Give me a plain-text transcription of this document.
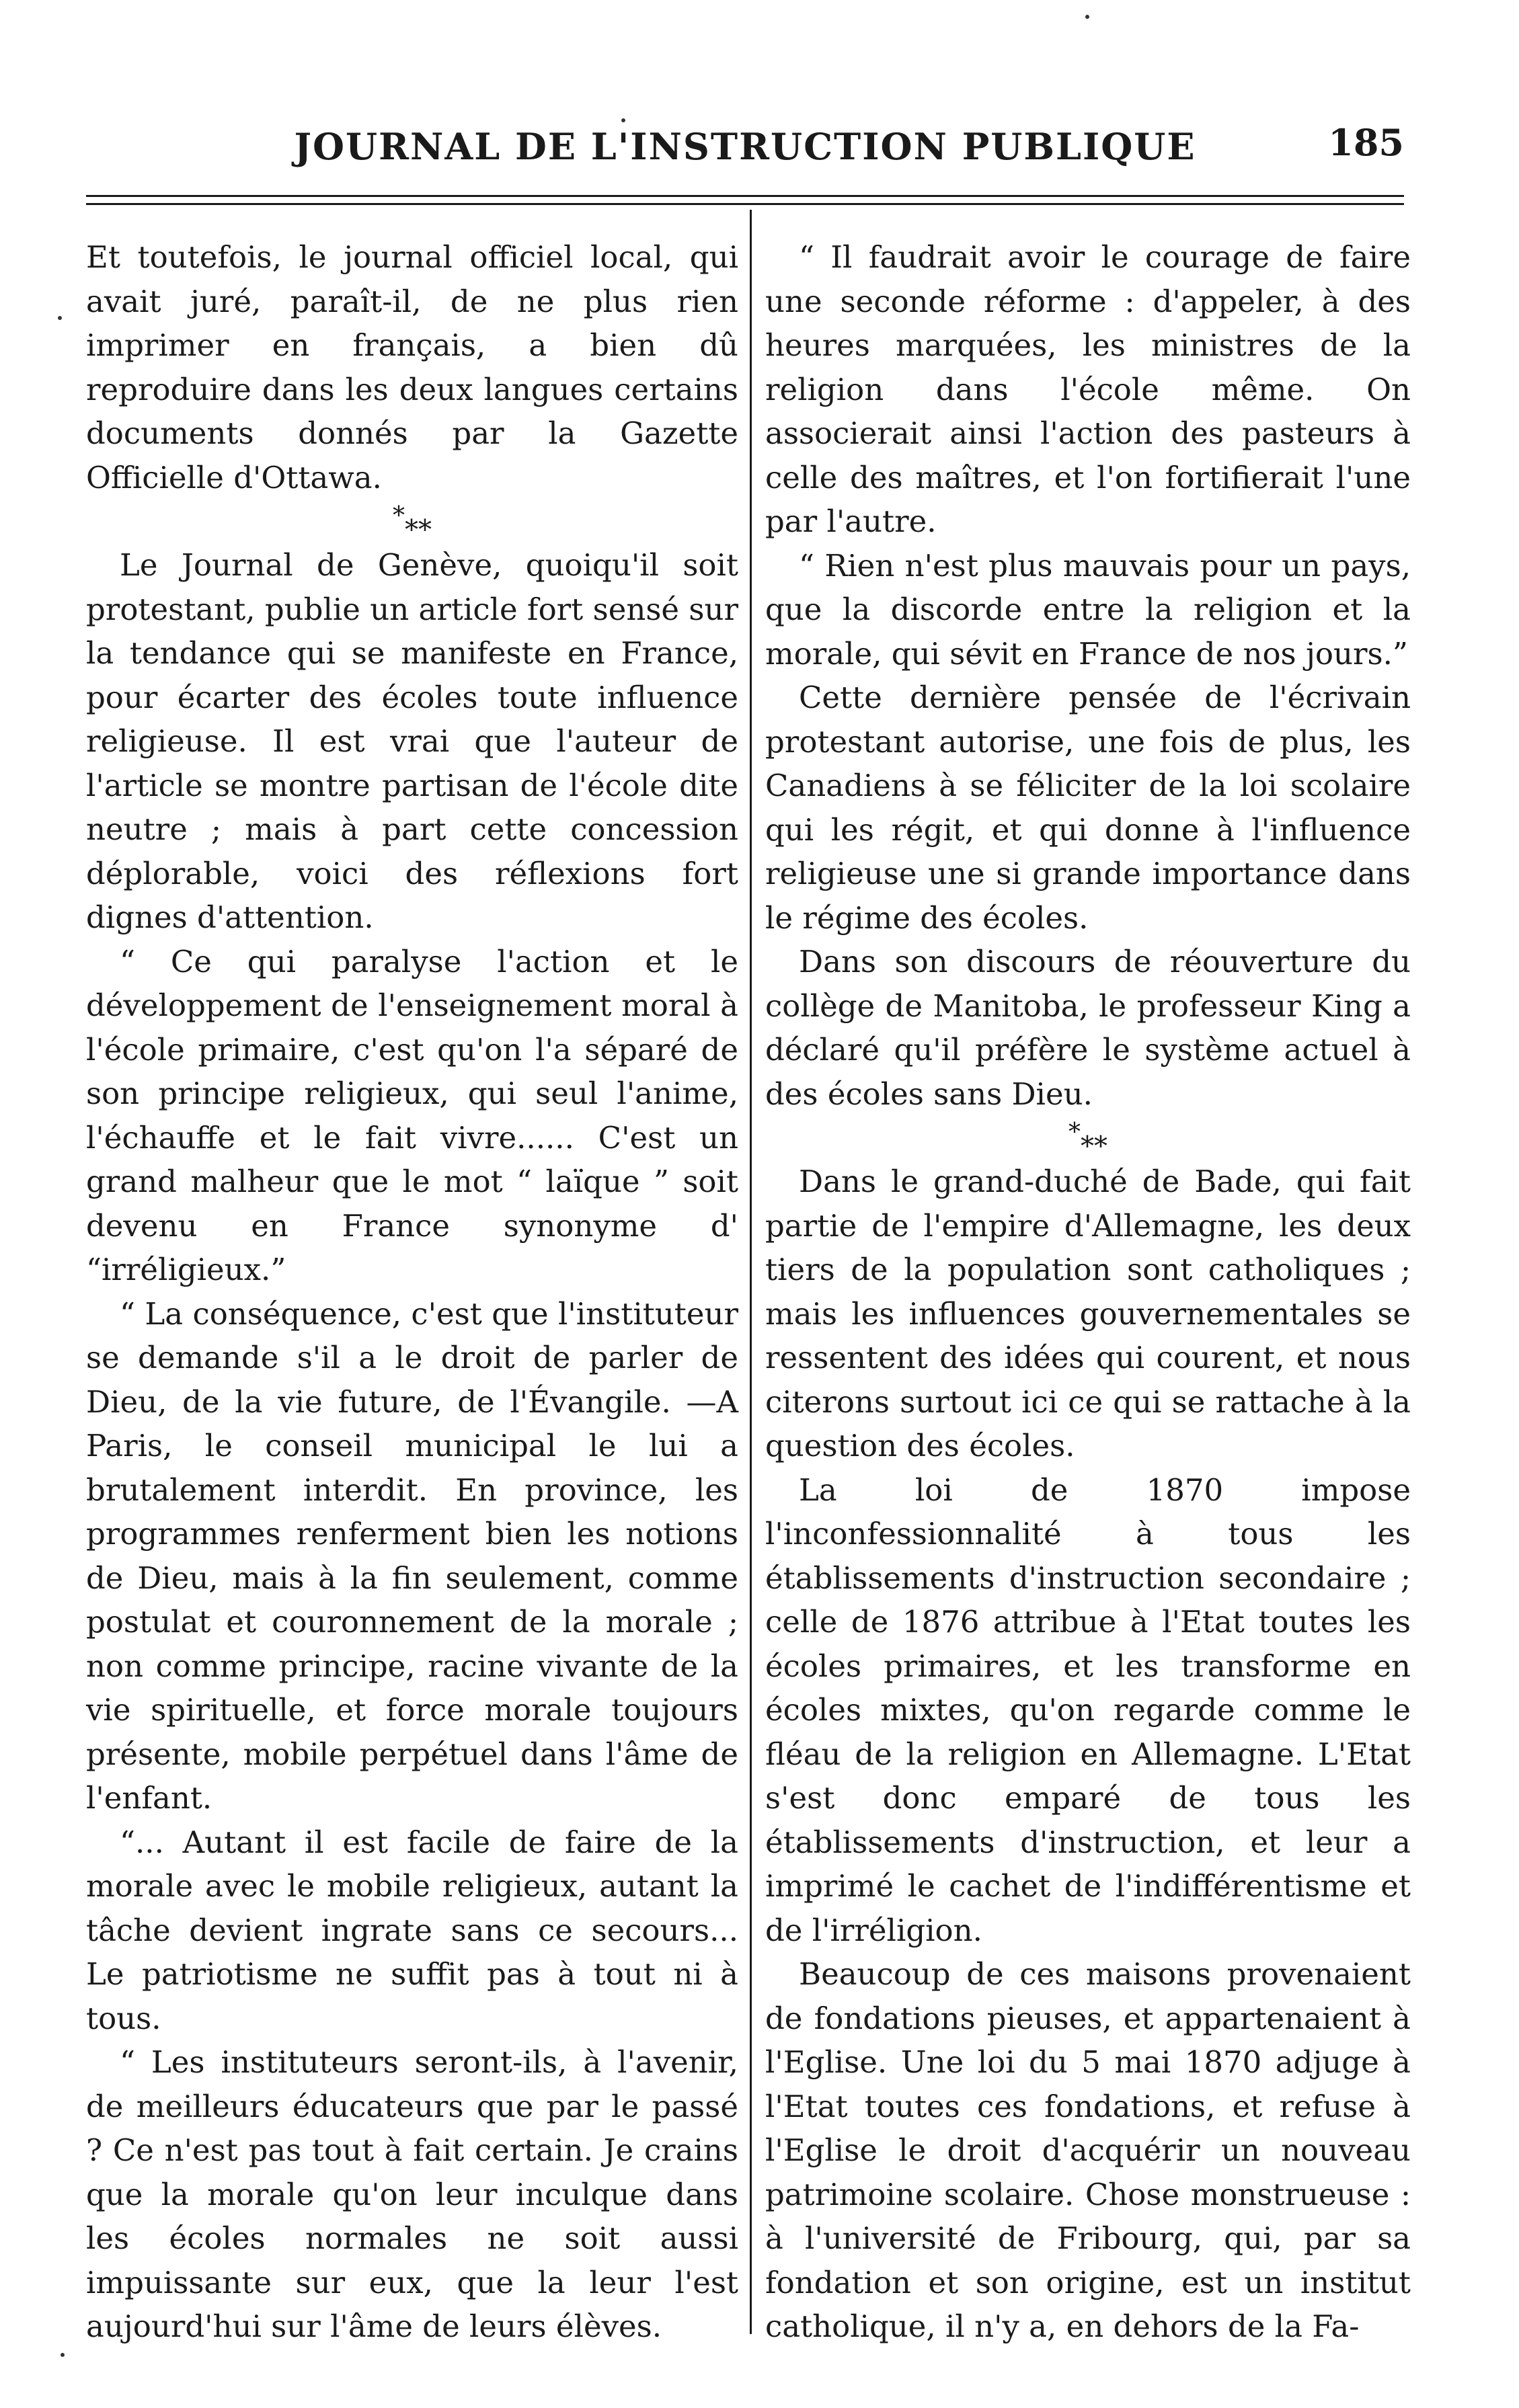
JOURNAL DE L'INSTRUCTION PUBLIQUE	185

Et toutefois, le journal officiel local, qui avait juré, paraît-il, de ne plus rien imprimer en français, a bien dû reproduire dans les deux langues certains documents donnés par la Gazette Officielle d'Ottawa.

***

Le Journal de Genève, quoiqu'il soit protestant, publie un article fort sensé sur la tendance qui se manifeste en France, pour écarter des écoles toute influence religieuse. Il est vrai que l'auteur de l'article se montre partisan de l'école dite neutre ; mais à part cette concession déplorable, voici des réflexions fort dignes d'attention.

“ Ce qui paralyse l'action et le développement de l'enseignement moral à l'école primaire, c'est qu'on l'a séparé de son principe religieux, qui seul l'anime, l'échauffe et le fait vivre...... C'est un grand malheur que le mot “ laïque ” soit devenu en France synonyme d' “irréligieux.”

“ La conséquence, c'est que l'instituteur se demande s'il a le droit de parler de Dieu, de la vie future, de l'Évangile. —A Paris, le conseil municipal le lui a brutalement interdit. En province, les programmes renferment bien les notions de Dieu, mais à la fin seulement, comme postulat et couronnement de la morale ; non comme principe, racine vivante de la vie spirituelle, et force morale toujours présente, mobile perpétuel dans l'âme de l'enfant.

“... Autant il est facile de faire de la morale avec le mobile religieux, autant la tâche devient ingrate sans ce secours... Le patriotisme ne suffit pas à tout ni à tous.

“ Les instituteurs seront-ils, à l'avenir, de meilleurs éducateurs que par le passé ? Ce n'est pas tout à fait certain. Je crains que la morale qu'on leur inculque dans les écoles normales ne soit aussi impuissante sur eux, que la leur l'est aujourd'hui sur l'âme de leurs élèves.

“ Il faudrait avoir le courage de faire une seconde réforme : d'appeler, à des heures marquées, les ministres de la religion dans l'école même. On associerait ainsi l'action des pasteurs à celle des maîtres, et l'on fortifierait l'une par l'autre.

“ Rien n'est plus mauvais pour un pays, que la discorde entre la religion et la morale, qui sévit en France de nos jours.”

Cette dernière pensée de l'écrivain protestant autorise, une fois de plus, les Canadiens à se féliciter de la loi scolaire qui les régit, et qui donne à l'influence religieuse une si grande importance dans le régime des écoles.

Dans son discours de réouverture du collège de Manitoba, le professeur King a déclaré qu'il préfère le système actuel à des écoles sans Dieu.

***

Dans le grand-duché de Bade, qui fait partie de l'empire d'Allemagne, les deux tiers de la population sont catholiques ; mais les influences gouvernementales se ressentent des idées qui courent, et nous citerons surtout ici ce qui se rattache à la question des écoles.

La loi de 1870 impose l'inconfessionnalité à tous les établissements d'instruction secondaire ; celle de 1876 attribue à l'Etat toutes les écoles primaires, et les transforme en écoles mixtes, qu'on regarde comme le fléau de la religion en Allemagne. L'Etat s'est donc emparé de tous les établissements d'instruction, et leur a imprimé le cachet de l'indifférentisme et de l'irréligion.

Beaucoup de ces maisons provenaient de fondations pieuses, et appartenaient à l'Eglise. Une loi du 5 mai 1870 adjuge à l'Etat toutes ces fondations, et refuse à l'Eglise le droit d'acquérir un nouveau patrimoine scolaire. Chose monstrueuse : à l'université de Fribourg, qui, par sa fondation et son origine, est un institut catholique, il n'y a, en dehors de la Fa-
